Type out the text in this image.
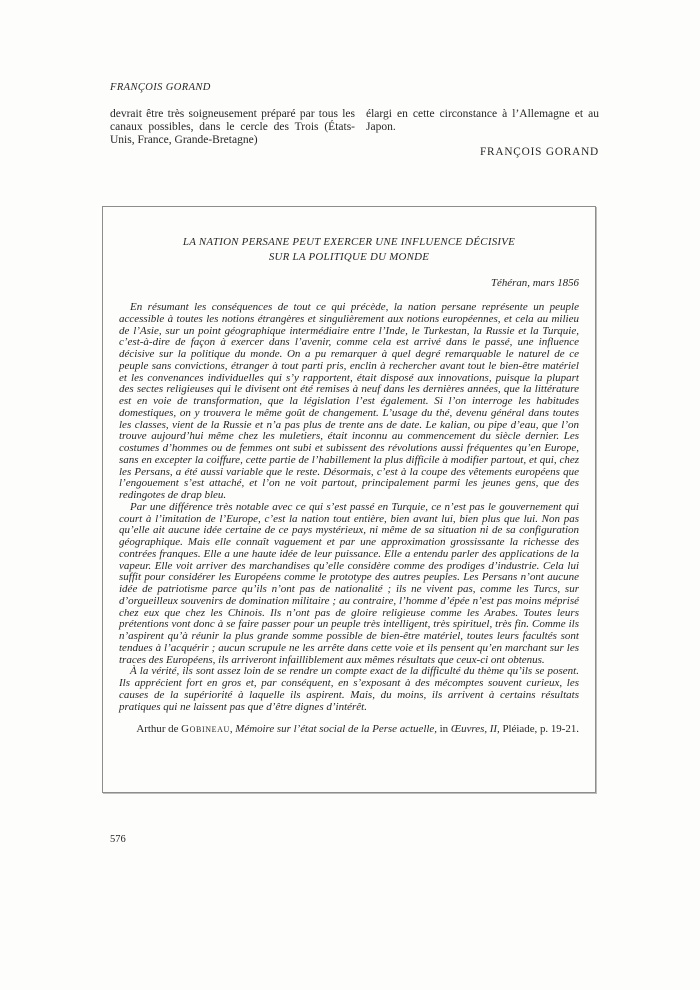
FRANÇOIS GORAND

devrait être très soigneusement préparé par tous les canaux possibles, dans le cercle des Trois (États-Unis, France, Grande-Bretagne)

élargi en cette circonstance à l’Allemagne et au Japon.

FRANÇOIS GORAND
LA NATION PERSANE PEUT EXERCER UNE INFLUENCE DÉCISIVE
SUR LA POLITIQUE DU MONDE
Téhéran, mars 1856

En résumant les conséquences de tout ce qui précède, la nation persane représente un peuple accessible à toutes les notions étrangères et singulièrement aux notions européennes, et cela au milieu de l’Asie, sur un point géographique intermédiaire entre l’Inde, le Turkestan, la Russie et la Turquie, c’est-à-dire de façon à exercer dans l’avenir, comme cela est arrivé dans le passé, une influence décisive sur la politique du monde. On a pu remarquer à quel degré remarquable le naturel de ce peuple sans convictions, étranger à tout parti pris, enclin à rechercher avant tout le bien-être matériel et les convenances individuelles qui s’y rapportent, était disposé aux innovations, puisque la plupart des sectes religieuses qui le divisent ont été remises à neuf dans les dernières années, que la littérature est en voie de transformation, que la législation l’est également. Si l’on interroge les habitudes domestiques, on y trouvera le même goût de changement. L’usage du thé, devenu général dans toutes les classes, vient de la Russie et n’a pas plus de trente ans de date. Le kalian, ou pipe d’eau, que l’on trouve aujourd’hui même chez les muletiers, était inconnu au commencement du siècle dernier. Les costumes d’hommes ou de femmes ont subi et subissent des révolutions aussi fréquentes qu’en Europe, sans en excepter la coiffure, cette partie de l’habillement la plus difficile à modifier partout, et qui, chez les Persans, a été aussi variable que le reste. Désormais, c’est à la coupe des vêtements européens que l’engouement s’est attaché, et l’on ne voit partout, principalement parmi les jeunes gens, que des redingotes de drap bleu.

Par une différence très notable avec ce qui s’est passé en Turquie, ce n’est pas le gouvernement qui court à l’imitation de l’Europe, c’est la nation tout entière, bien avant lui, bien plus que lui. Non pas qu’elle ait aucune idée certaine de ce pays mystérieux, ni même de sa situation ni de sa configuration géographique. Mais elle connaît vaguement et par une approximation grossissante la richesse des contrées franques. Elle a une haute idée de leur puissance. Elle a entendu parler des applications de la vapeur. Elle voit arriver des marchandises qu’elle considère comme des prodiges d’industrie. Cela lui suffit pour considérer les Européens comme le prototype des autres peuples. Les Persans n’ont aucune idée de patriotisme parce qu’ils n’ont pas de nationalité ; ils ne vivent pas, comme les Turcs, sur d’orgueilleux souvenirs de domination militaire ; au contraire, l’homme d’épée n’est pas moins méprisé chez eux que chez les Chinois. Ils n’ont pas de gloire religieuse comme les Arabes. Toutes leurs prétentions vont donc à se faire passer pour un peuple très intelligent, très spirituel, très fin. Comme ils n’aspirent qu’à réunir la plus grande somme possible de bien-être matériel, toutes leurs facultés sont tendues à l’acquérir ; aucun scrupule ne les arrête dans cette voie et ils pensent qu’en marchant sur les traces des Européens, ils arriveront infailliblement aux mêmes résultats que ceux-ci ont obtenus.

À la vérité, ils sont assez loin de se rendre un compte exact de la difficulté du thème qu’ils se posent. Ils apprécient fort en gros et, par conséquent, en s’exposant à des mécomptes souvent curieux, les causes de la supériorité à laquelle ils aspirent. Mais, du moins, ils arrivent à certains résultats pratiques qui ne laissent pas que d’être dignes d’intérêt.

Arthur de Gobineau, Mémoire sur l’état social de la Perse actuelle, in Œuvres, II, Pléiade, p. 19-21.
576
